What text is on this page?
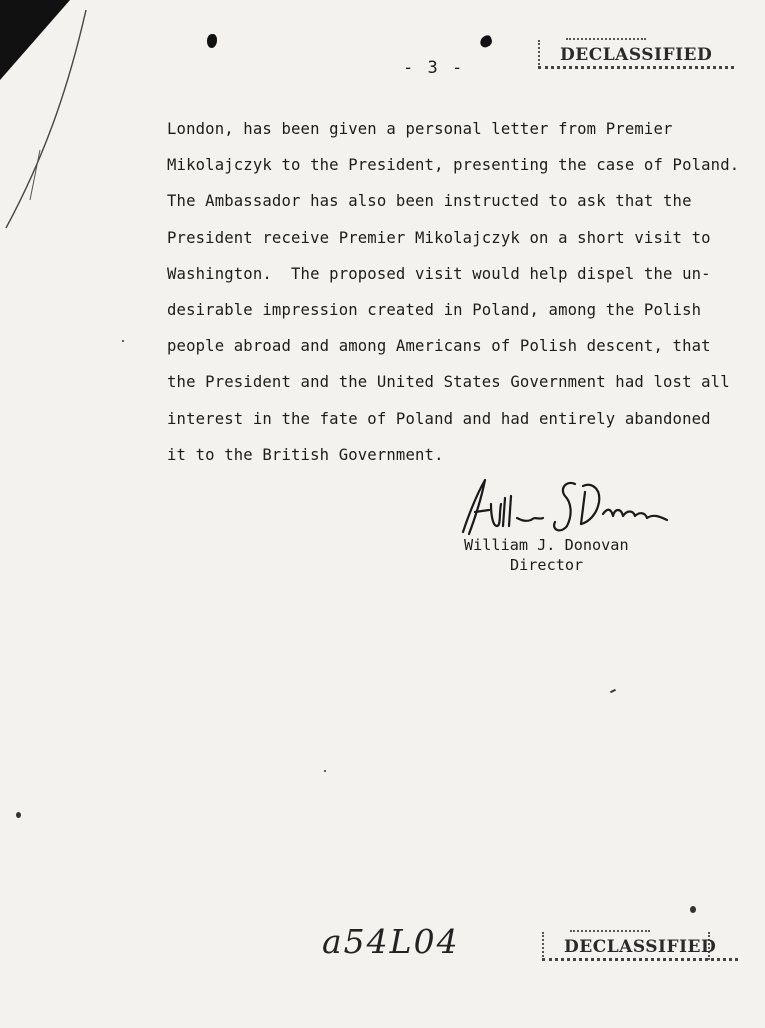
- 3 -
DECLASSIFIED
London, has been given a personal letter from Premier
Mikolajczyk to the President, presenting the case of Poland.
The Ambassador has also been instructed to ask that the
President receive Premier Mikolajczyk on a short visit to
Washington.  The proposed visit would help dispel the un-
desirable impression created in Poland, among the Polish
people abroad and among Americans of Polish descent, that
the President and the United States Government had lost all
interest in the fate of Poland and had entirely abandoned
it to the British Government.
William J. Donovan
Director
a54L04	DECLASSIFIED
